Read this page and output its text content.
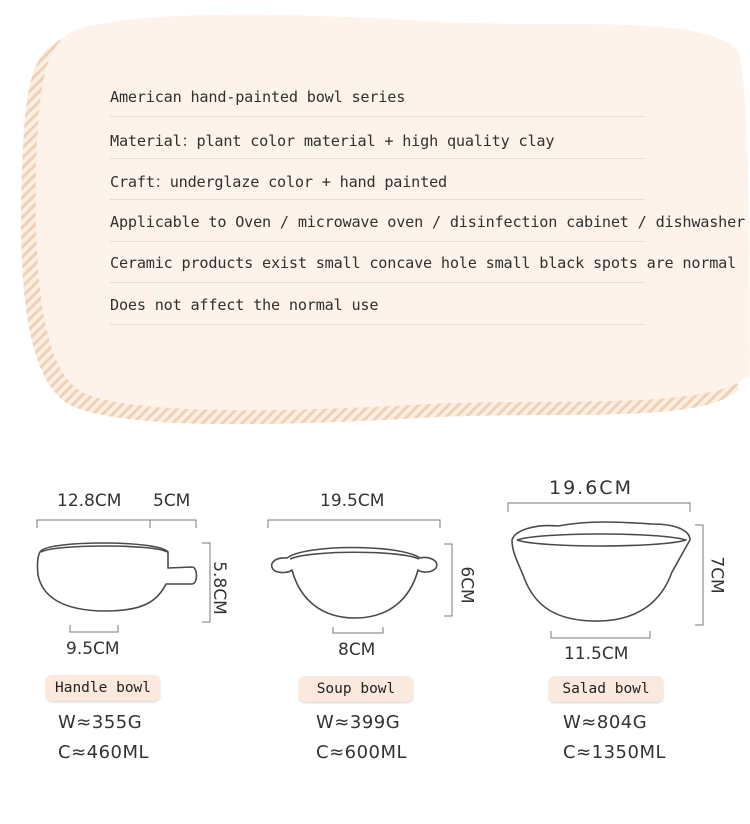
American hand-painted bowl series
Material：plant color material + high quality clay
Craft：underglaze color + hand painted
Applicable to Oven / microwave oven / disinfection cabinet / dishwasher
Ceramic products exist small concave hole small black spots are normal
Does not affect the normal use
12.8CM 5CM
5.8CM
9.5CM
Handle bowl
W≈355G
C≈460ML
19.5CM
6CM
8CM
Soup bowl
W≈399G
C≈600ML
19.6CM
7CM
11.5CM
Salad bowl
W≈804G
C≈1350ML
